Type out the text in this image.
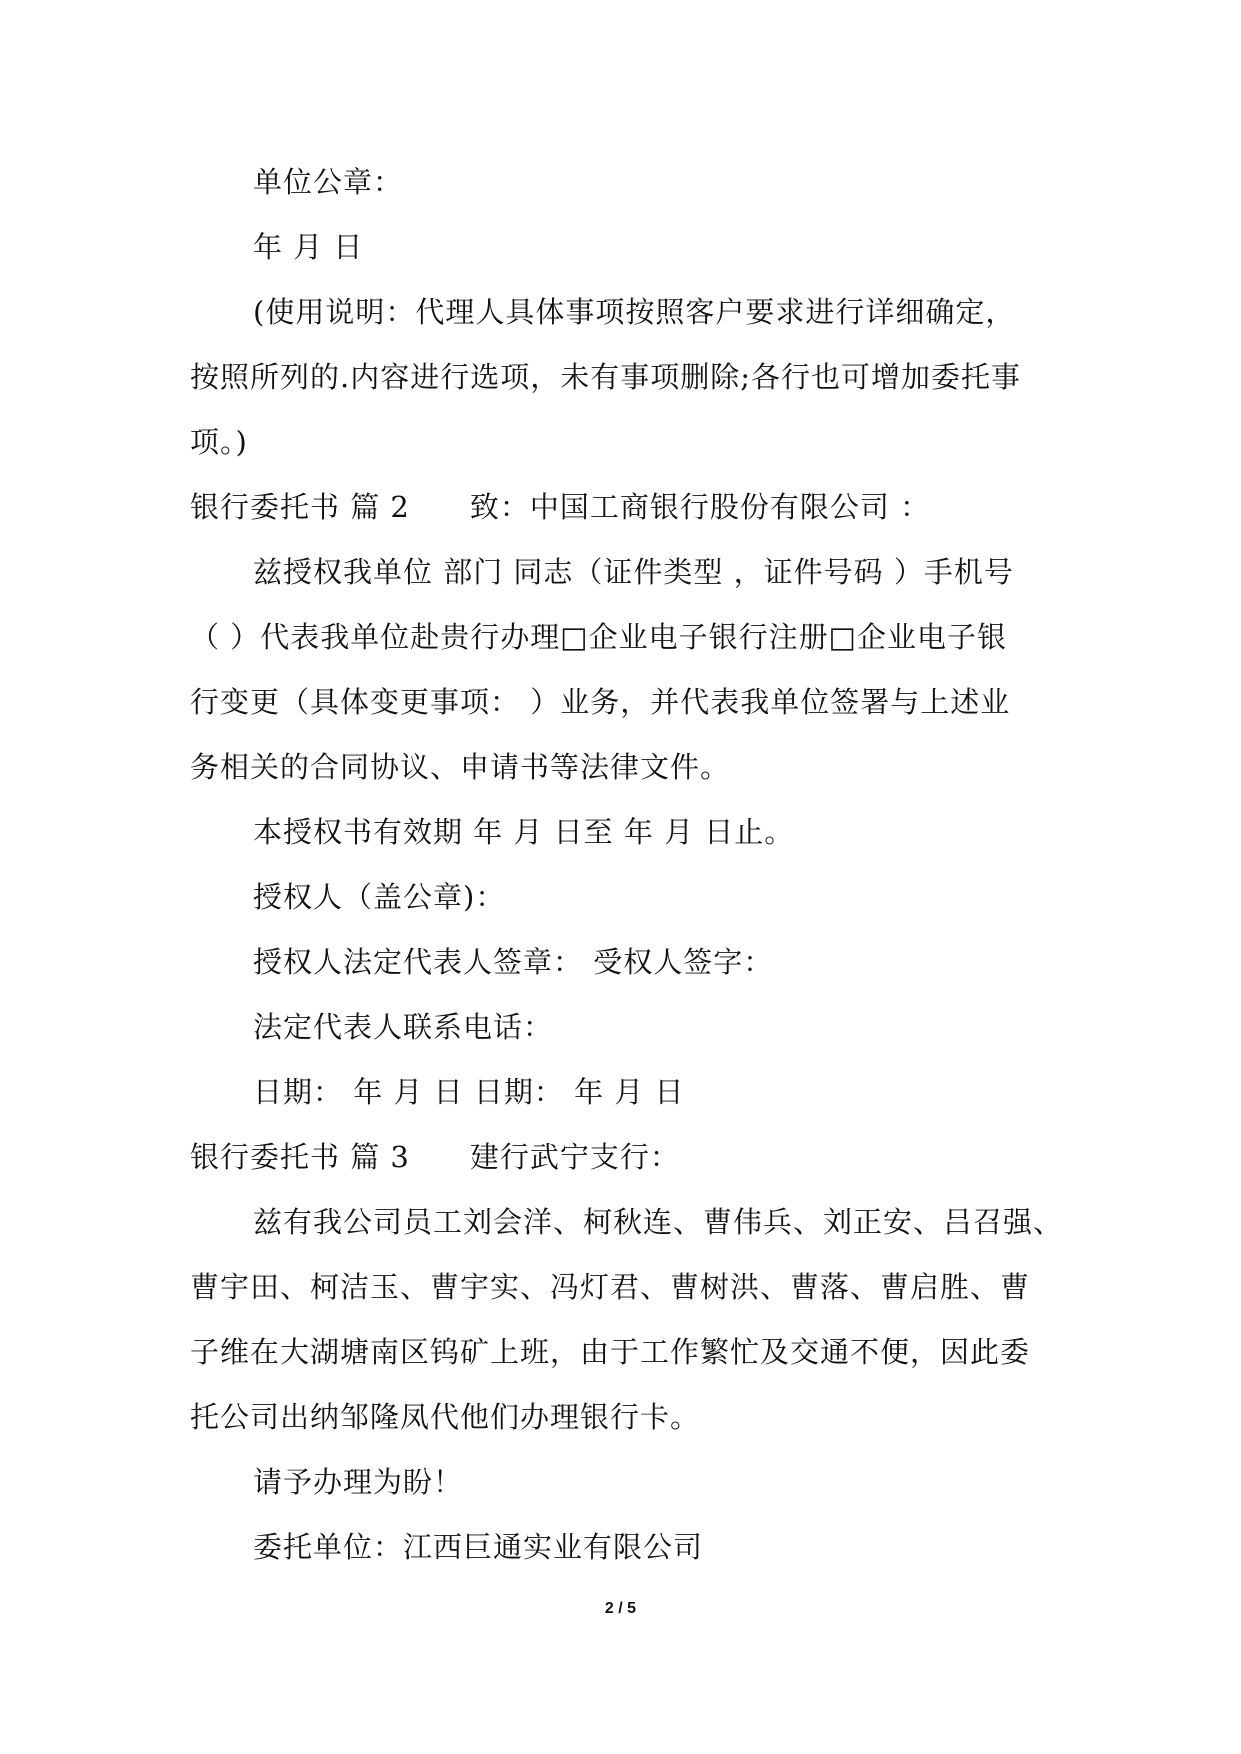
单位公章：
年 月 日
(使用说明：代理人具体事项按照客户要求进行详细确定，
按照所列的.内容进行选项，未有事项删除;各行也可增加委托事
项。)
银行委托书 篇 2 致：中国工商银行股份有限公司 ：
兹授权我单位 部门 同志（证件类型 ，证件号码 ）手机号
（ ）代表我单位赴贵行办理□企业电子银行注册□企业电子银
行变更（具体变更事项： ）业务，并代表我单位签署与上述业
务相关的合同协议、申请书等法律文件。
本授权书有效期 年 月 日至 年 月 日止。
授权人（盖公章)：
授权人法定代表人签章： 受权人签字：
法定代表人联系电话：
日期： 年 月 日 日期： 年 月 日
银行委托书 篇 3 建行武宁支行：
兹有我公司员工刘会洋、柯秋连、曹伟兵、刘正安、吕召强、
曹宇田、柯洁玉、曹宇实、冯灯君、曹树洪、曹落、曹启胜、曹
子维在大湖塘南区钨矿上班，由于工作繁忙及交通不便，因此委
托公司出纳邹隆凤代他们办理银行卡。
请予办理为盼！
委托单位：江西巨通实业有限公司
2 / 5
